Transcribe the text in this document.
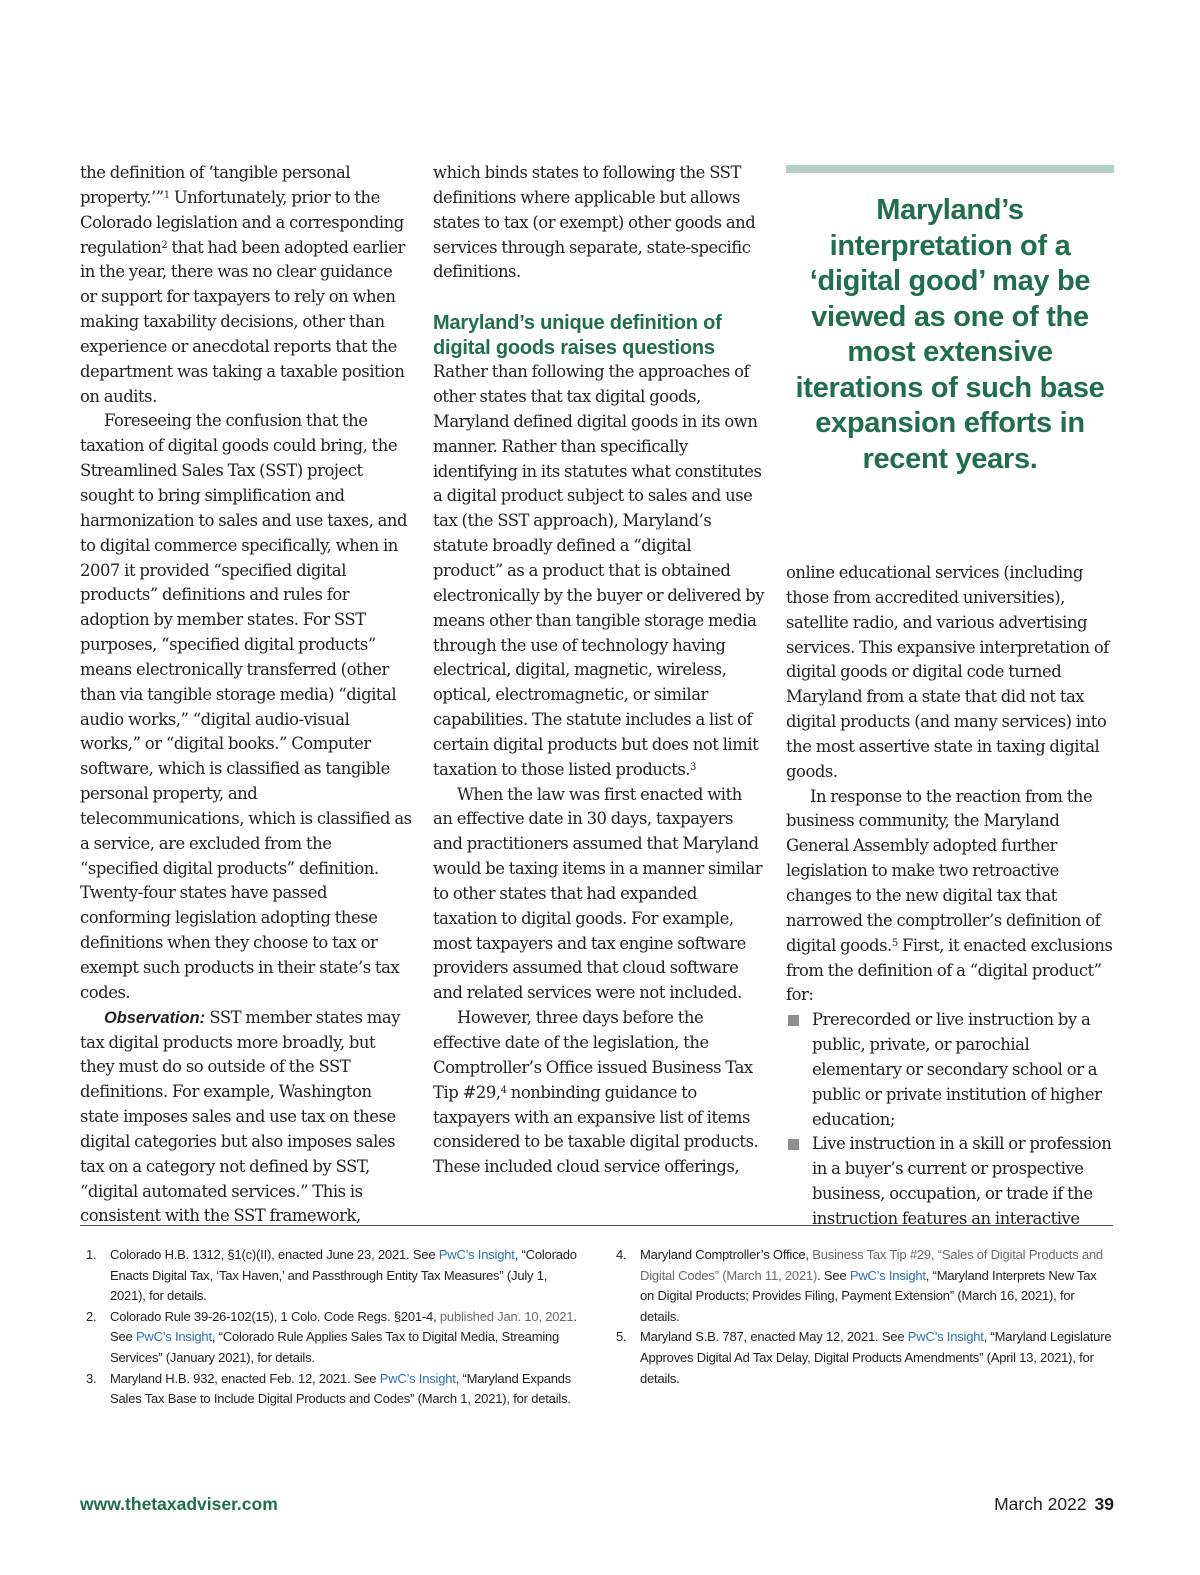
the definition of ‘tangible personal property.’”$^1$ Unfortunately, prior to the Colorado legislation and a corresponding regulation$^2$ that had been adopted earlier in the year, there was no clear guidance or support for taxpayers to rely on when making taxability decisions, other than experience or anecdotal reports that the department was taking a taxable position on audits.

Foreseeing the confusion that the taxation of digital goods could bring, the Streamlined Sales Tax (SST) project sought to bring simplification and harmonization to sales and use taxes, and to digital commerce specifically, when in 2007 it provided “specified digital products” definitions and rules for adoption by member states. For SST purposes, “specified digital products” means electronically transferred (other than via tangible storage media) “digital audio works,” “digital audio-visual works,” or “digital books.” Computer software, which is classified as tangible personal property, and telecommunications, which is classified as a service, are excluded from the “specified digital products” definition. Twenty-four states have passed conforming legislation adopting these definitions when they choose to tax or exempt such products in their state’s tax codes.

Observation: SST member states may tax digital products more broadly, but they must do so outside of the SST definitions. For example, Washington state imposes sales and use tax on these digital categories but also imposes sales tax on a category not defined by SST, “digital automated services.” This is consistent with the SST framework,

which binds states to following the SST definitions where applicable but allows states to tax (or exempt) other goods and services through separate, state-specific definitions.

Maryland’s unique definition of digital goods raises questions

Rather than following the approaches of other states that tax digital goods, Maryland defined digital goods in its own manner. Rather than specifically identifying in its statutes what constitutes a digital product subject to sales and use tax (the SST approach), Maryland’s statute broadly defined a “digital product” as a product that is obtained electronically by the buyer or delivered by means other than tangible storage media through the use of technology having electrical, digital, magnetic, wireless, optical, electromagnetic, or similar capabilities. The statute includes a list of certain digital products but does not limit taxation to those listed products.$^3$

When the law was first enacted with an effective date in 30 days, taxpayers and practitioners assumed that Maryland would be taxing items in a manner similar to other states that had expanded taxation to digital goods. For example, most taxpayers and tax engine software providers assumed that cloud software and related services were not included.

However, three days before the effective date of the legislation, the Comptroller’s Office issued Business Tax Tip #29,$^4$ nonbinding guidance to taxpayers with an expansive list of items considered to be taxable digital products. These included cloud service offerings,

Maryland’s interpretation of a ‘digital good’ may be viewed as one of the most extensive iterations of such base expansion efforts in recent years.

online educational services (including those from accredited universities), satellite radio, and various advertising services. This expansive interpretation of digital goods or digital code turned Maryland from a state that did not tax digital products (and many services) into the most assertive state in taxing digital goods.

In response to the reaction from the business community, the Maryland General Assembly adopted further legislation to make two retroactive changes to the new digital tax that narrowed the comptroller’s definition of digital goods.$^5$ First, it enacted exclusions from the definition of a “digital product” for:

Prerecorded or live instruction by a public, private, or parochial elementary or secondary school or a public or private institution of higher education;
Live instruction in a skill or profession in a buyer’s current or prospective business, occupation, or trade if the instruction features an interactive
1.	Colorado H.B. 1312, §1(c)(II), enacted June 23, 2021. See PwC’s Insight, “Colorado Enacts Digital Tax, ‘Tax Haven,’ and Passthrough Entity Tax Measures” (July 1, 2021), for details.
2.	Colorado Rule 39-26-102(15), 1 Colo. Code Regs. §201-4, published Jan. 10, 2021. See PwC’s Insight, “Colorado Rule Applies Sales Tax to Digital Media, Streaming Services” (January 2021), for details.
3.	Maryland H.B. 932, enacted Feb. 12, 2021. See PwC’s Insight, “Maryland Expands Sales Tax Base to Include Digital Products and Codes” (March 1, 2021), for details.
4.	Maryland Comptroller’s Office, Business Tax Tip #29, “Sales of Digital Products and Digital Codes” (March 11, 2021). See PwC’s Insight, “Maryland Interprets New Tax on Digital Products; Provides Filing, Payment Extension” (March 16, 2021), for details.
5.	Maryland S.B. 787, enacted May 12, 2021. See PwC’s Insight, “Maryland Legislature Approves Digital Ad Tax Delay, Digital Products Amendments” (April 13, 2021), for details.
www.thetaxadviser.com	March 2022 39
